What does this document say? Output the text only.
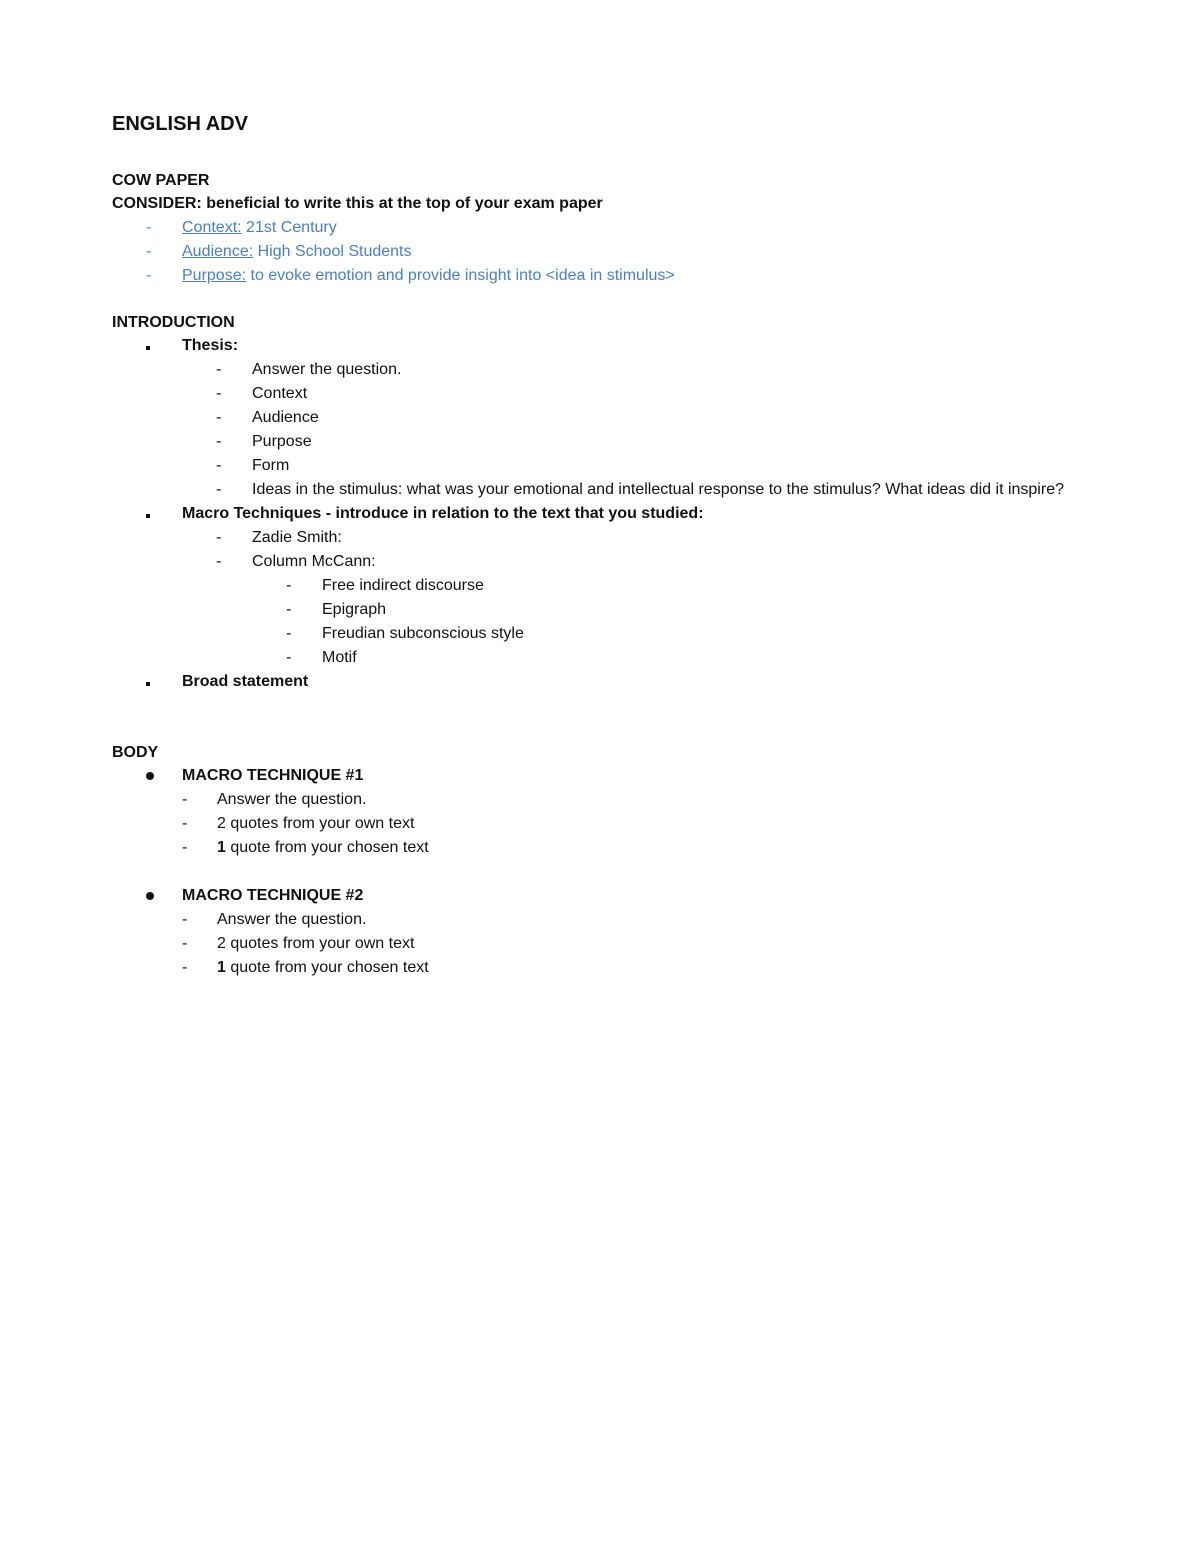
ENGLISH ADV
COW PAPER
CONSIDER: beneficial to write this at the top of your exam paper
-	Context: 21st Century
-	Audience: High School Students
-	Purpose: to evoke emotion and provide insight into <idea in stimulus>
INTRODUCTION
Thesis:
-	Answer the question.
-	Context
-	Audience
-	Purpose
-	Form
-	Ideas in the stimulus: what was your emotional and intellectual response to the stimulus? What ideas did it inspire?
Macro Techniques - introduce in relation to the text that you studied:
-	Zadie Smith:
-	Column McCann:
-	Free indirect discourse
-	Epigraph
-	Freudian subconscious style
-	Motif
Broad statement
BODY
MACRO TECHNIQUE #1
-	Answer the question.
-	2 quotes from your own text
-	1 quote from your chosen text
MACRO TECHNIQUE #2
-	Answer the question.
-	2 quotes from your own text
-	1 quote from your chosen text
